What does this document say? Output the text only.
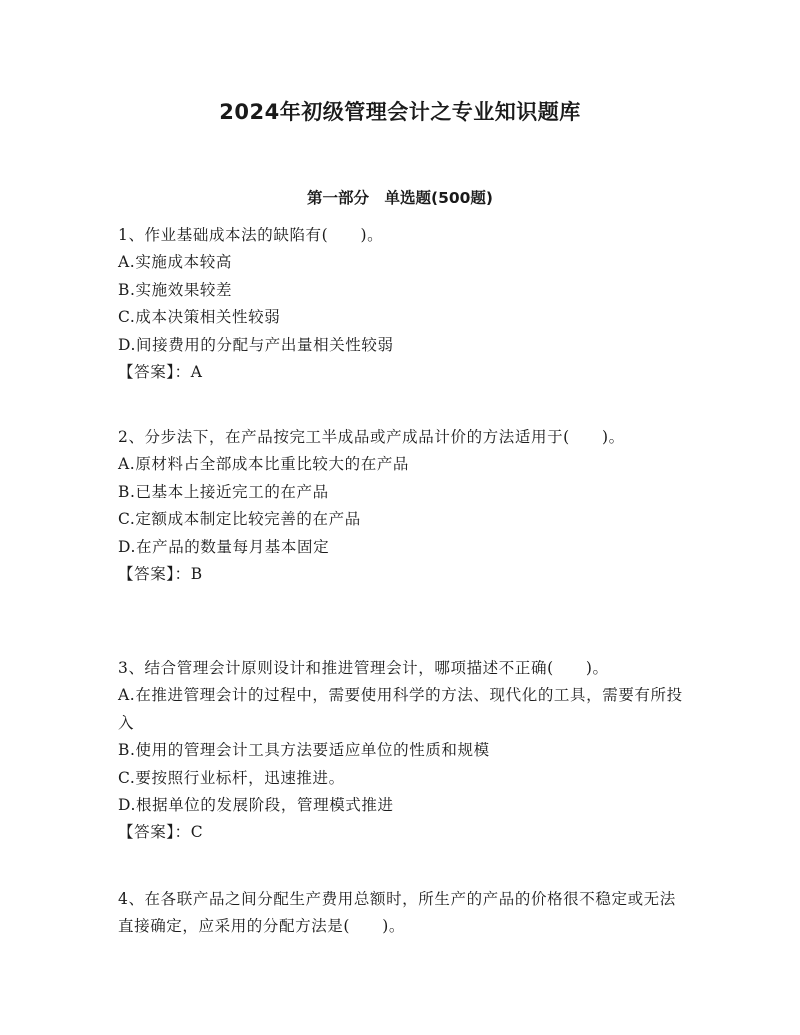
2024年初级管理会计之专业知识题库
第一部分　单选题(500题)

1、作业基础成本法的缺陷有(　　)。

A.实施成本较高

B.实施效果较差

C.成本决策相关性较弱

D.间接费用的分配与产出量相关性较弱

【答案】：A

2、分步法下，在产品按完工半成品或产成品计价的方法适用于(　　)。

A.原材料占全部成本比重比较大的在产品

B.已基本上接近完工的在产品

C.定额成本制定比较完善的在产品

D.在产品的数量每月基本固定

【答案】：B

3、结合管理会计原则设计和推进管理会计，哪项描述不正确(　　)。

A.在推进管理会计的过程中，需要使用科学的方法、现代化的工具，需要有所投入

B.使用的管理会计工具方法要适应单位的性质和规模

C.要按照行业标杆，迅速推进。

D.根据单位的发展阶段，管理模式推进

【答案】：C

4、在各联产品之间分配生产费用总额时，所生产的产品的价格很不稳定或无法直接确定，应采用的分配方法是(　　)。
